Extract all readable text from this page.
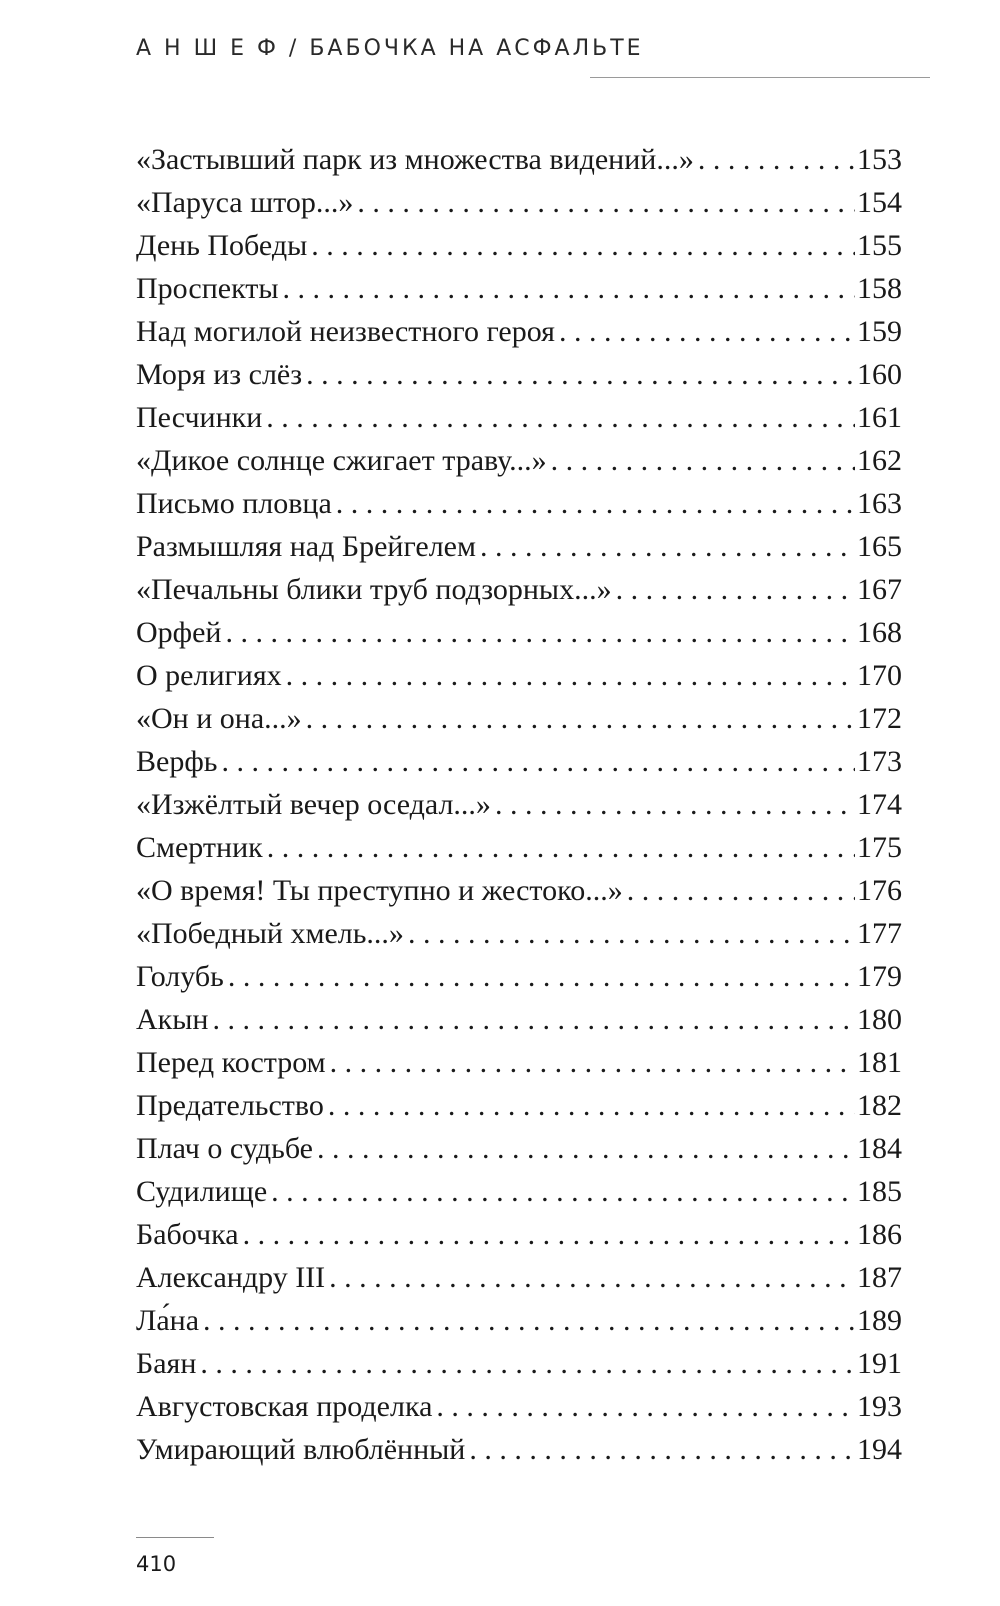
А Н Ш Е Ф / БАБОЧКА НА АСФАЛЬТЕ
«Застывший парк из множества видений...» . . .	153
«Паруса штор...» . . .	154
День Победы . . .	155
Проспекты . . .	158
Над могилой неизвестного героя . . .	159
Моря из слёз . . .	160
Песчинки . . .	161
«Дикое солнце сжигает траву...» . . .	162
Письмо пловца . . .	163
Размышляя над Брейгелем . . .	165
«Печальны блики труб подзорных...» . . .	167
Орфей . . .	168
О религиях . . .	170
«Он и она...» . . .	172
Верфь . . .	173
«Изжёлтый вечер оседал...» . . .	174
Смертник . . .	175
«О время! Ты преступно и жестоко...» . . .	176
«Победный хмель...» . . .	177
Голубь . . .	179
Акын . . .	180
Перед костром . . .	181
Предательство . . .	182
Плач о судьбе . . .	184
Судилище . . .	185
Бабочка . . .	186
Александру III . . .	187
Ла́на . . .	189
Баян . . .	191
Августовская проделка . . .	193
Умирающий влюблённый . . .	194
410
